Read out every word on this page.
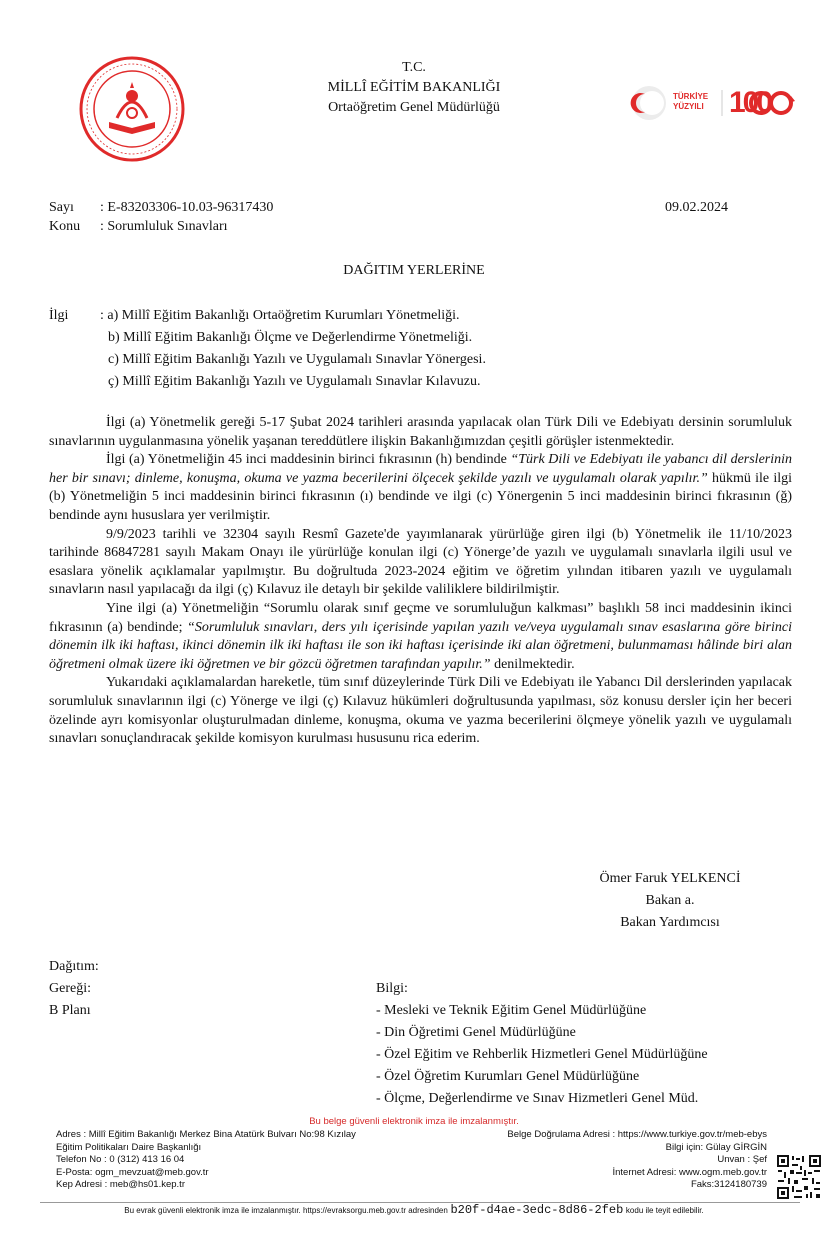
T.C.
MİLLÎ EĞİTİM BAKANLIĞI
Ortaöğretim Genel Müdürlüğü
TÜRKİYE
YÜZYILI 100
Sayı : E-83203306-10.03-96317430	09.02.2024
Konu : Sorumluluk Sınavları
DAĞITIM YERLERİNE
İlgi : a) Millî Eğitim Bakanlığı Ortaöğretim Kurumları Yönetmeliği.
b) Millî Eğitim Bakanlığı Ölçme ve Değerlendirme Yönetmeliği.
c) Millî Eğitim Bakanlığı Yazılı ve Uygulamalı Sınavlar Yönergesi.
ç) Millî Eğitim Bakanlığı Yazılı ve Uygulamalı Sınavlar Kılavuzu.

İlgi (a) Yönetmelik gereği 5-17 Şubat 2024 tarihleri arasında yapılacak olan Türk Dili ve Edebiyatı dersinin sorumluluk sınavlarının uygulanmasına yönelik yaşanan tereddütlere ilişkin Bakanlığımızdan çeşitli görüşler istenmektedir.

İlgi (a) Yönetmeliğin 45 inci maddesinin birinci fıkrasının (h) bendinde “Türk Dili ve Edebiyatı ile yabancı dil derslerinin her bir sınavı; dinleme, konuşma, okuma ve yazma becerilerini ölçecek şekilde yazılı ve uygulamalı olarak yapılır.” hükmü ile ilgi (b) Yönetmeliğin 5 inci maddesinin birinci fıkrasının (ı) bendinde ve ilgi (c) Yönergenin 5 inci maddesinin birinci fıkrasının (ğ) bendinde aynı hususlara yer verilmiştir.

9/9/2023 tarihli ve 32304 sayılı Resmî Gazete'de yayımlanarak yürürlüğe giren ilgi (b) Yönetmelik ile 11/10/2023 tarihinde 86847281 sayılı Makam Onayı ile yürürlüğe konulan ilgi (c) Yönerge’de yazılı ve uygulamalı sınavlarla ilgili usul ve esaslara yönelik açıklamalar yapılmıştır. Bu doğrultuda 2023-2024 eğitim ve öğretim yılından itibaren yazılı ve uygulamalı sınavların nasıl yapılacağı da ilgi (ç) Kılavuz ile detaylı bir şekilde valiliklere bildirilmiştir.

Yine ilgi (a) Yönetmeliğin “Sorumlu olarak sınıf geçme ve sorumluluğun kalkması” başlıklı 58 inci maddesinin ikinci fıkrasının (a) bendinde; “Sorumluluk sınavları, ders yılı içerisinde yapılan yazılı ve/veya uygulamalı sınav esaslarına göre birinci dönemin ilk iki haftası, ikinci dönemin ilk iki haftası ile son iki haftası içerisinde iki alan öğretmeni, bulunmaması hâlinde biri alan öğretmeni olmak üzere iki öğretmen ve bir gözcü öğretmen tarafından yapılır.” denilmektedir.

Yukarıdaki açıklamalardan hareketle, tüm sınıf düzeylerinde Türk Dili ve Edebiyatı ile Yabancı Dil derslerinden yapılacak sorumluluk sınavlarının ilgi (c) Yönerge ve ilgi (ç) Kılavuz hükümleri doğrultusunda yapılması, söz konusu dersler için her beceri özelinde ayrı komisyonlar oluşturulmadan dinleme, konuşma, okuma ve yazma becerilerini ölçmeye yönelik yazılı ve uygulamalı sınavları sonuçlandıracak şekilde komisyon kurulması hususunu rica ederim.

Ömer Faruk YELKENCİ
Bakan a.
Bakan Yardımcısı
Dağıtım:
Gereği:
B Planı
Bilgi:
- Mesleki ve Teknik Eğitim Genel Müdürlüğüne
- Din Öğretimi Genel Müdürlüğüne
- Özel Eğitim ve Rehberlik Hizmetleri Genel Müdürlüğüne
- Özel Öğretim Kurumları Genel Müdürlüğüne
- Ölçme, Değerlendirme ve Sınav Hizmetleri Genel Müd.
Bu belge güvenli elektronik imza ile imzalanmıştır.
Adres : Millî Eğitim Bakanlığı Merkez Bina Atatürk Bulvarı No:98 Kızılay
Eğitim Politikaları Daire Başkanlığı
Telefon No : 0 (312) 413 16 04
E-Posta: ogm_mevzuat@meb.gov.tr
Kep Adresi : meb@hs01.kep.tr
Belge Doğrulama Adresi : https://www.turkiye.gov.tr/meb-ebys
Bilgi için: Gülay GİRGİN
Unvan : Şef
İnternet Adresi: www.ogm.meb.gov.tr
Faks:3124180739
Bu evrak güvenli elektronik imza ile imzalanmıştır. https://evraksorgu.meb.gov.tr adresinden b20f-d4ae-3edc-8d86-2feb kodu ile teyit edilebilir.
